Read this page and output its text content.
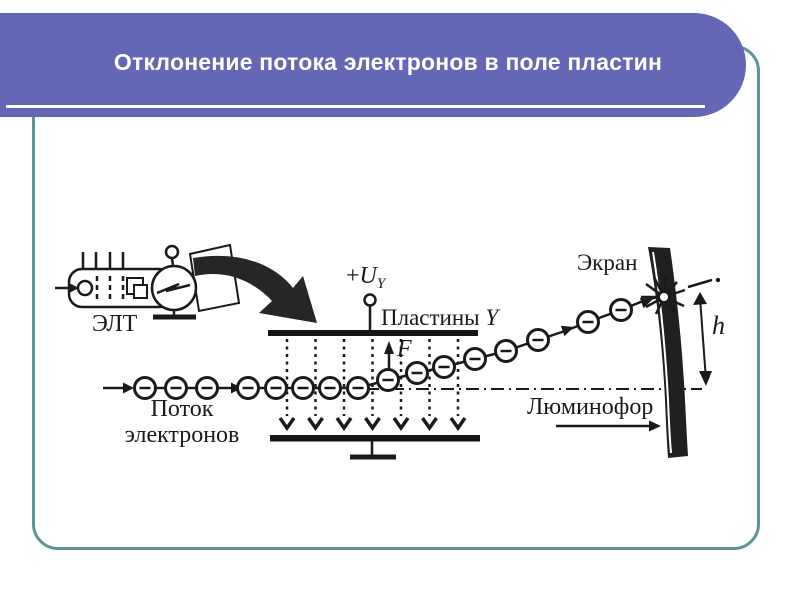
Отклонение потока электронов в поле пластин
ЭЛТ
Поток
электронов
$+U_Y$
Пластины Y
F
Экран
h
Люминофор
